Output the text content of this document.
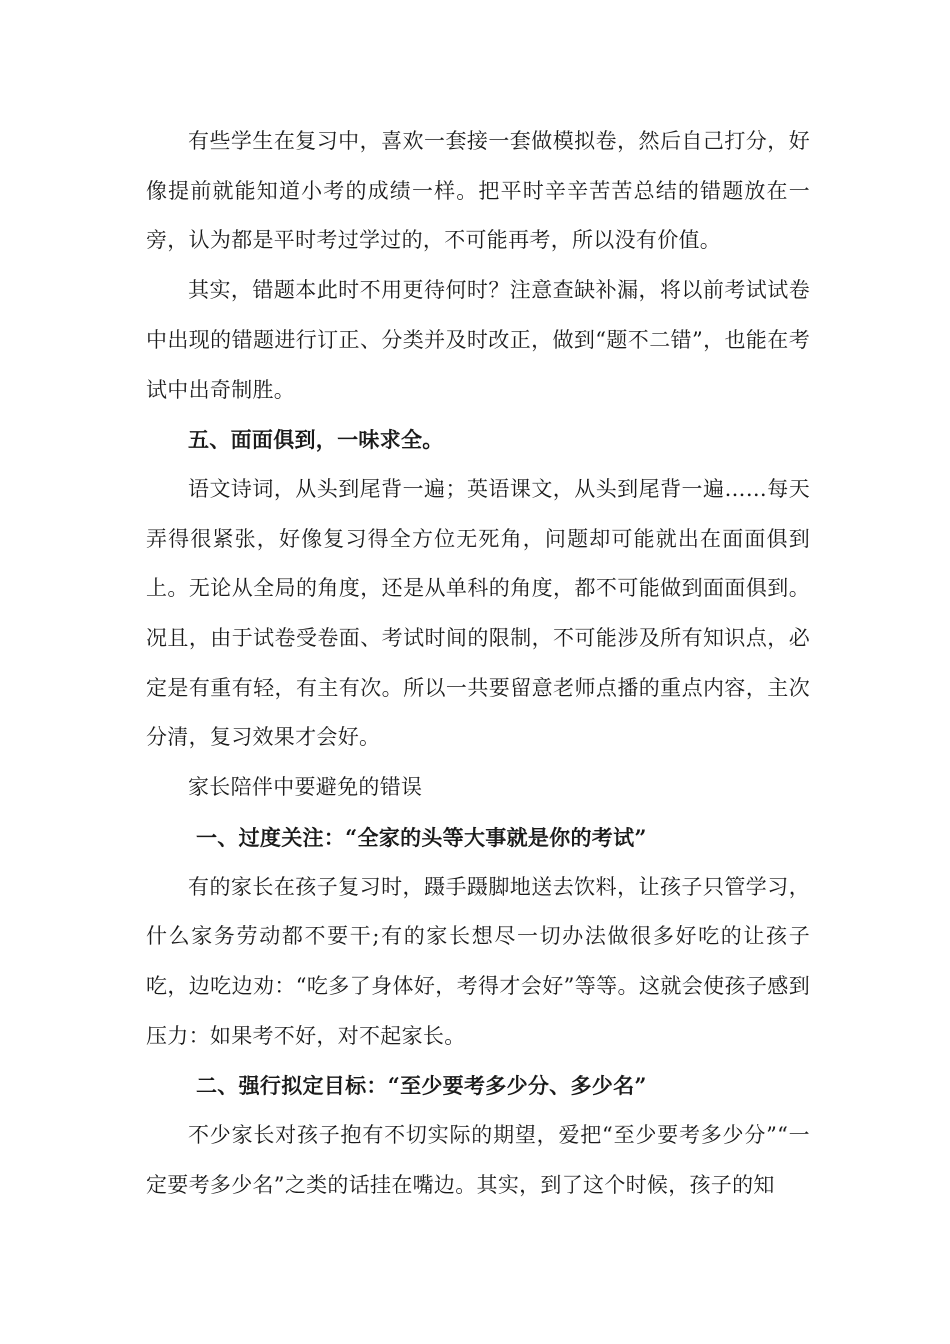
有些学生在复习中，喜欢一套接一套做模拟卷，然后自己打分，好像提前就能知道小考的成绩一样。把平时辛辛苦苦总结的错题放在一旁，认为都是平时考过学过的，不可能再考，所以没有价值。

其实，错题本此时不用更待何时？注意查缺补漏，将以前考试试卷中出现的错题进行订正、分类并及时改正，做到“题不二错”，也能在考试中出奇制胜。

五、面面俱到，一味求全。

语文诗词，从头到尾背一遍；英语课文，从头到尾背一遍……每天弄得很紧张，好像复习得全方位无死角，问题却可能就出在面面俱到上。无论从全局的角度，还是从单科的角度，都不可能做到面面俱到。况且，由于试卷受卷面、考试时间的限制，不可能涉及所有知识点，必定是有重有轻，有主有次。所以一共要留意老师点播的重点内容，主次分清，复习效果才会好。

家长陪伴中要避免的错误

一、过度关注：“全家的头等大事就是你的考试”

有的家长在孩子复习时，蹑手蹑脚地送去饮料，让孩子只管学习，什么家务劳动都不要干;有的家长想尽一切办法做很多好吃的让孩子吃，边吃边劝：“吃多了身体好，考得才会好”等等。这就会使孩子感到压力：如果考不好，对不起家长。

二、强行拟定目标：“至少要考多少分、多少名”

不少家长对孩子抱有不切实际的期望，爱把“至少要考多少分”“一定要考多少名”之类的话挂在嘴边。其实，到了这个时候，孩子的知
